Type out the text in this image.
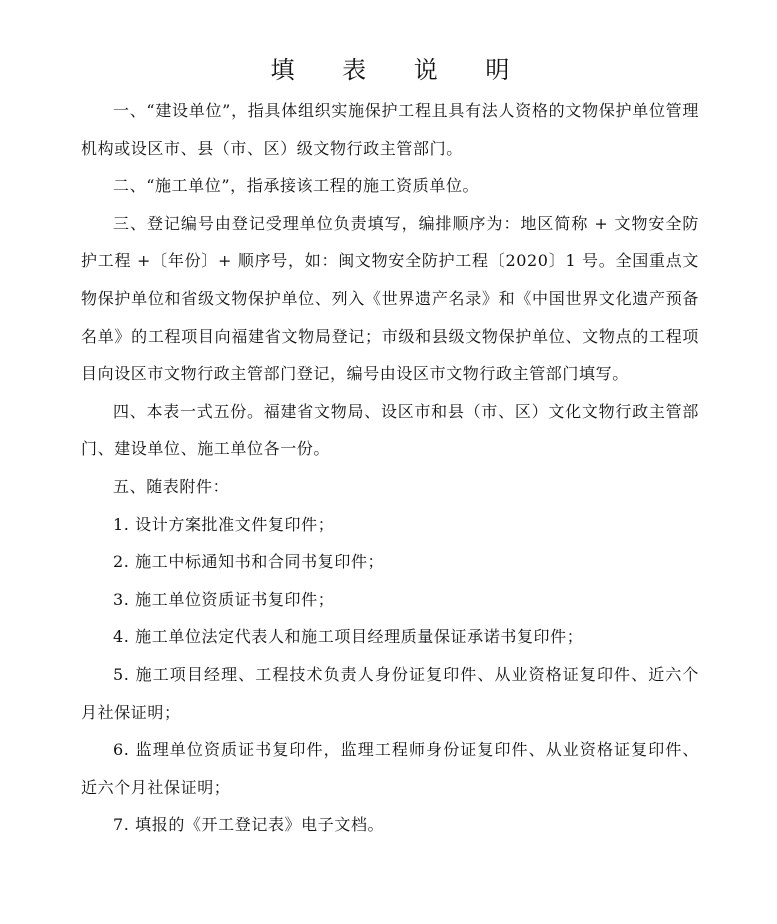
填 表 说 明

一、“建设单位”，指具体组织实施保护工程且具有法人资格的文物保护单位管理机构或设区市、县（市、区）级文物行政主管部门。

二、“施工单位”，指承接该工程的施工资质单位。

三、登记编号由登记受理单位负责填写，编排顺序为：地区简称 + 文物安全防护工程 +〔年份〕+ 顺序号，如：闽文物安全防护工程〔2020〕1 号。全国重点文物保护单位和省级文物保护单位、列入《世界遗产名录》和《中国世界文化遗产预备名单》的工程项目向福建省文物局登记；市级和县级文物保护单位、文物点的工程项目向设区市文物行政主管部门登记，编号由设区市文物行政主管部门填写。

四、本表一式五份。福建省文物局、设区市和县（市、区）文化文物行政主管部门、建设单位、施工单位各一份。

五、随表附件：

1. 设计方案批准文件复印件；

2. 施工中标通知书和合同书复印件；

3. 施工单位资质证书复印件；

4. 施工单位法定代表人和施工项目经理质量保证承诺书复印件；

5. 施工项目经理、工程技术负责人身份证复印件、从业资格证复印件、近六个月社保证明；

6. 监理单位资质证书复印件，监理工程师身份证复印件、从业资格证复印件、近六个月社保证明；

7. 填报的《开工登记表》电子文档。
